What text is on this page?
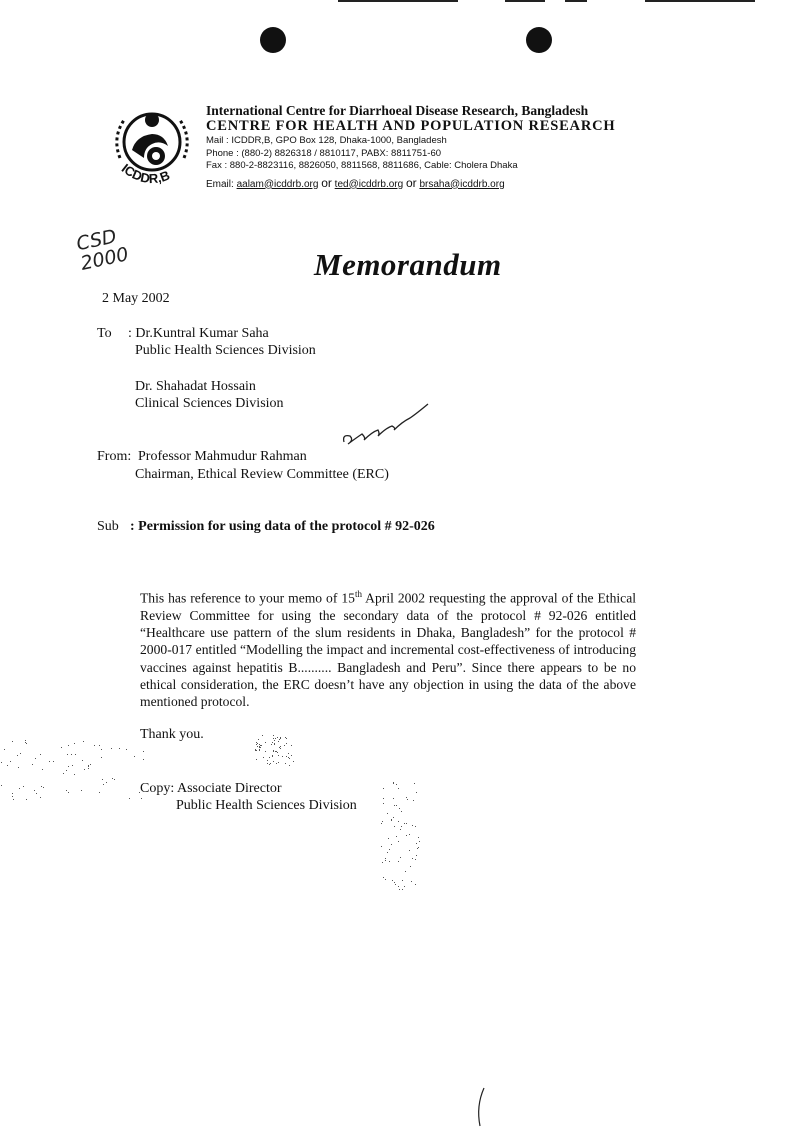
ICDDR,B
International Centre for Diarrhoeal Disease Research, Bangladesh
CENTRE FOR HEALTH AND POPULATION RESEARCH
Mail : ICDDR,B, GPO Box 128, Dhaka-1000, Bangladesh
Phone : (880-2) 8826318 / 8810117, PABX: 8811751-60
Fax : 880-2-8823116, 8826050, 8811568, 8811686, Cable: Cholera Dhaka
Email: aalam@icddrb.org or ted@icddrb.org or brsaha@icddrb.org
CSD 2000	Memorandum
2 May 2002
To : Dr.Kuntral Kumar Saha
Public Health Sciences Division
Dr. Shahadat Hossain
Clinical Sciences Division
From: Professor Mahmudur Rahman
Chairman, Ethical Review Committee (ERC)
Sub : Permission for using data of the protocol # 92-026
This has reference to your memo of 15th April 2002 requesting the approval of the Ethical Review Committee for using the secondary data of the protocol # 92-026 entitled “Healthcare use pattern of the slum residents in Dhaka, Bangladesh” for the protocol # 2000-017 entitled “Modelling the impact and incremental cost-effectiveness of introducing vaccines against hepatitis B.......... Bangladesh and Peru”. Since there appears to be no ethical consideration, the ERC doesn’t have any objection in using the data of the above mentioned protocol.
Thank you.
Copy: Associate Director
Public Health Sciences Division
